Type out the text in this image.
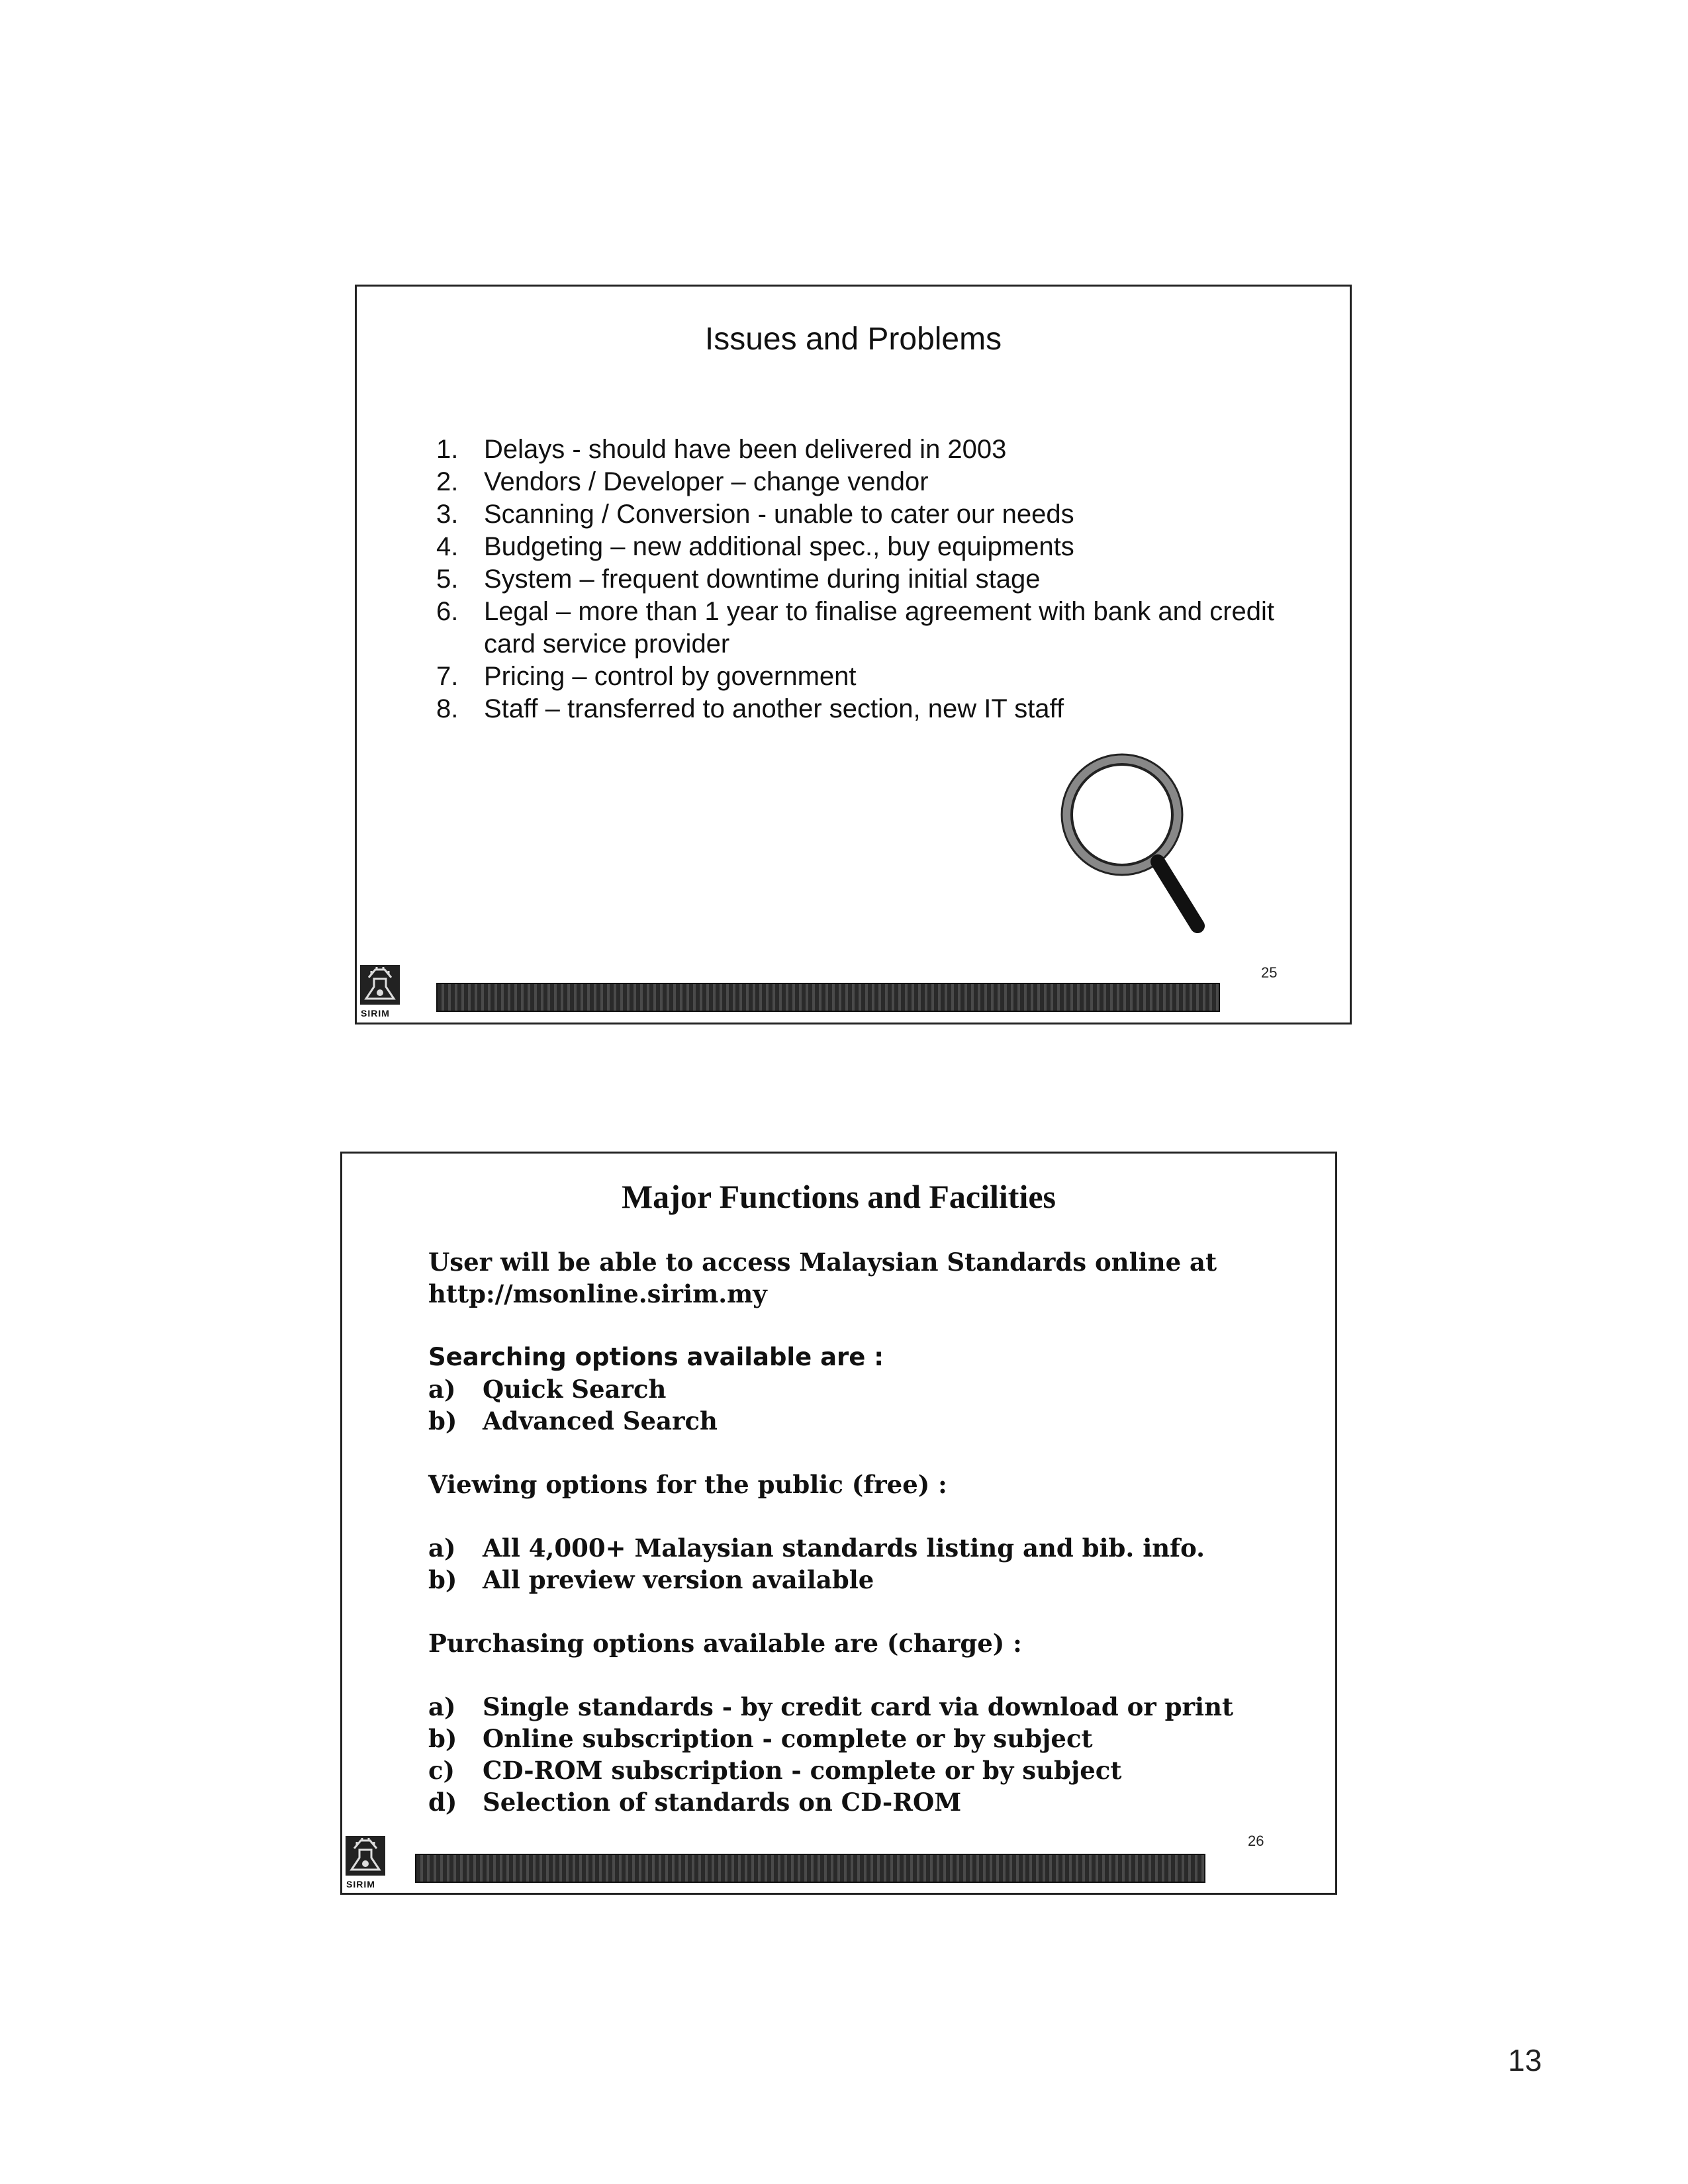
Issues and Problems
1. Delays - should have been delivered in 2003
2. Vendors / Developer – change vendor
3. Scanning / Conversion - unable to cater our needs
4. Budgeting – new additional spec., buy equipments
5. System – frequent downtime during initial stage
6. Legal – more than 1 year to finalise agreement with bank and credit card service provider
7. Pricing – control by government
8. Staff – transferred to another section, new IT staff
25
SIRIM
Major Functions and Facilities

User will be able to access Malaysian Standards online at

http://msonline.sirim.my

Searching options available are :

a) Quick Search
b) Advanced Search

Viewing options for the public (free) :

a) All 4,000+ Malaysian standards listing and bib. info.
b) All preview version available

Purchasing options available are (charge) :

a) Single standards - by credit card via download or print
b) Online subscription - complete or by subject
c) CD-ROM subscription - complete or by subject
d) Selection of standards on CD-ROM
26
SIRIM
13
